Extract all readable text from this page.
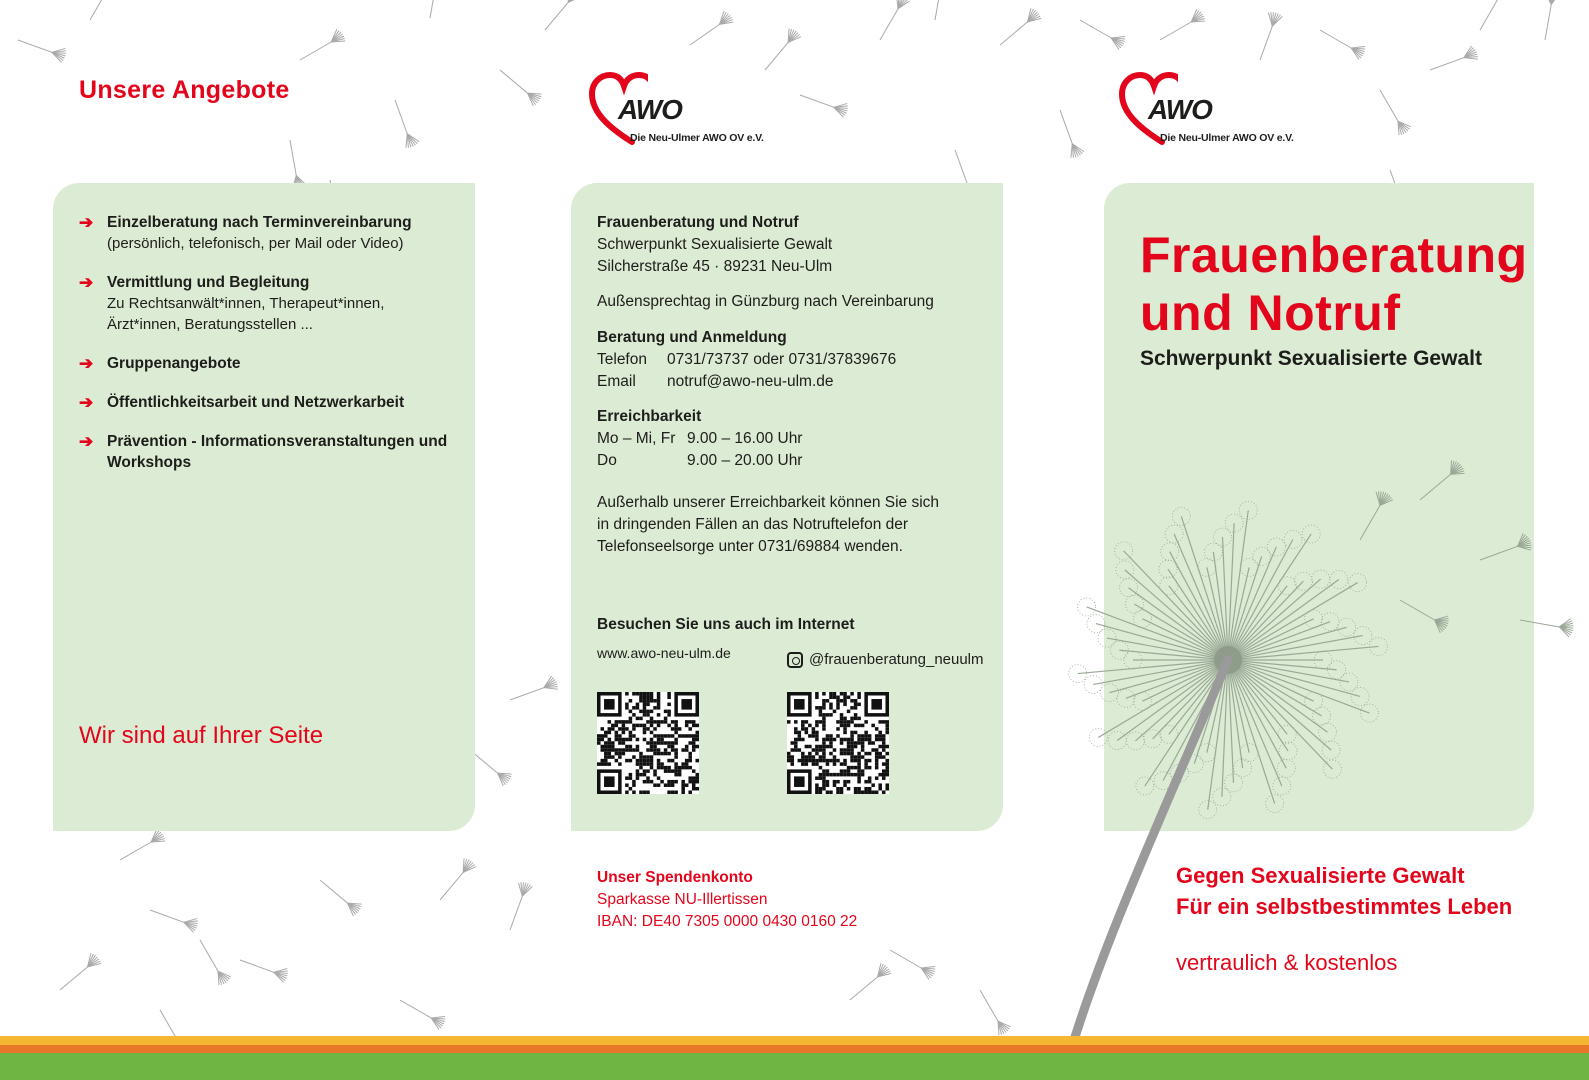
Unsere Angebote
➔ Einzelberatung nach Terminvereinbarung
(persönlich, telefonisch, per Mail oder Video)
➔ Vermittlung und Begleitung
Zu Rechtsanwält*innen, Therapeut*innen, Ärzt*innen, Beratungsstellen ...
➔ Gruppenangebote
➔ Öffentlichkeitsarbeit und Netzwerkarbeit
➔ Prävention - Informationsveranstaltungen und Workshops
Wir sind auf Ihrer Seite
AWO
Die Neu-Ulmer AWO OV e.V.
AWO
Die Neu-Ulmer AWO OV e.V.
Frauenberatung und Notruf
Schwerpunkt Sexualisierte Gewalt
Silcherstraße 45 · 89231 Neu-Ulm
Außensprechtag in Günzburg nach Vereinbarung
Beratung und Anmeldung
Telefon	0731/73737 oder 0731/37839676
Email	notruf@awo-neu-ulm.de
Erreichbarkeit
Mo – Mi, Fr 9.00 – 16.00 Uhr
Do	9.00 – 20.00 Uhr
Außerhalb unserer Erreichbarkeit können Sie sich
in dringenden Fällen an das Notruftelefon der
Telefonseelsorge unter 0731/69884 wenden.
Besuchen Sie uns auch im Internet
www.awo-neu-ulm.de	@frauenberatung_neuulm
Unser Spendenkonto
Sparkasse NU-Illertissen
IBAN: DE40 7305 0000 0430 0160 22
Frauenberatung
und Notruf
Schwerpunkt Sexualisierte Gewalt
Gegen Sexualisierte Gewalt
Für ein selbstbestimmtes Leben
vertraulich & kostenlos
